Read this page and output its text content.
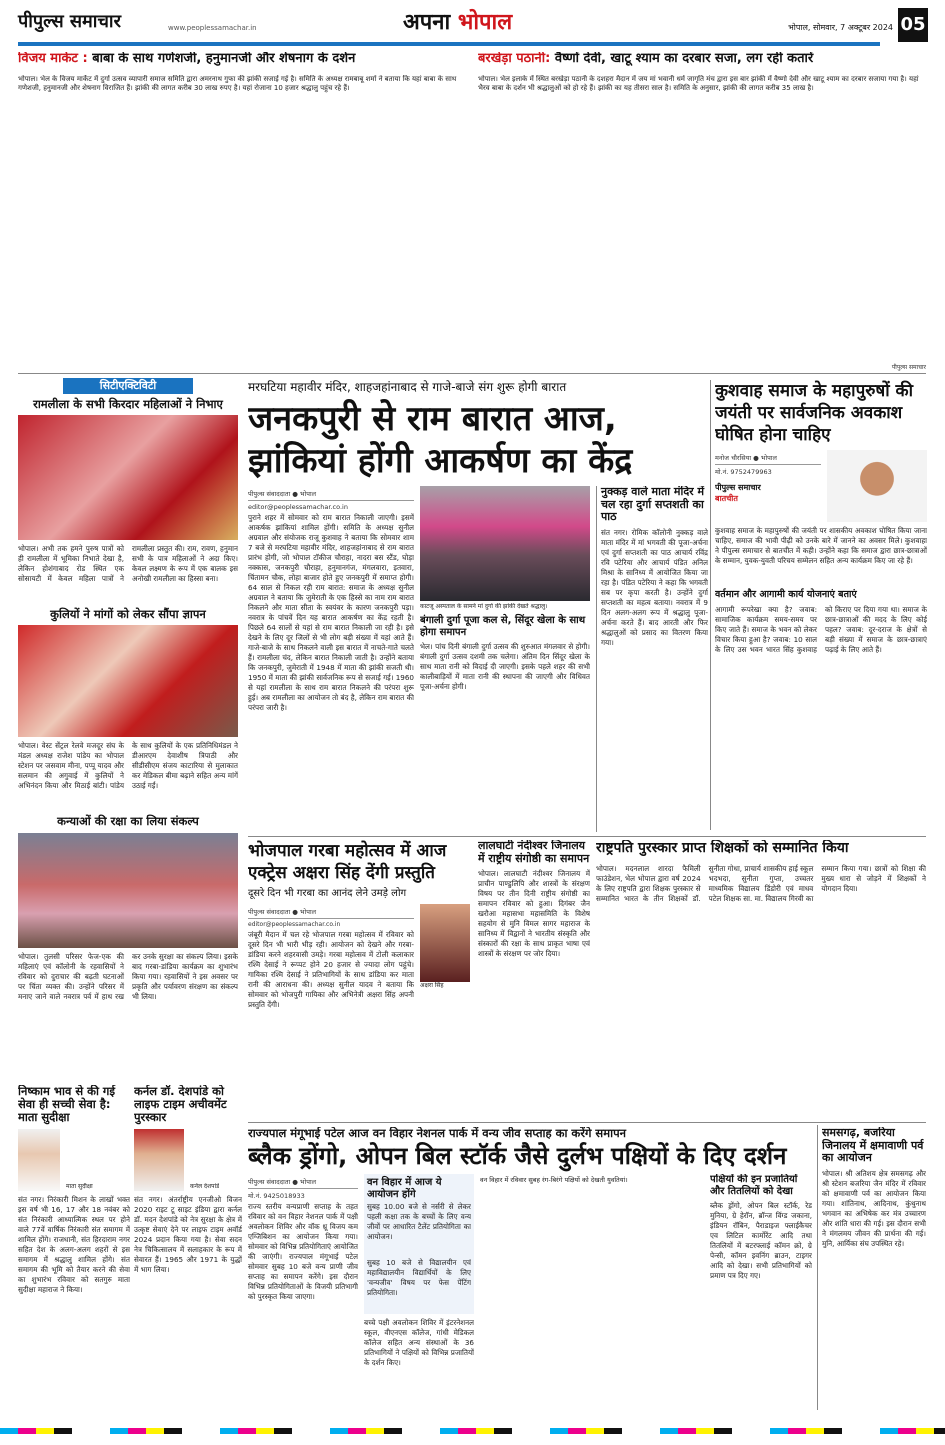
पीपुल्स समाचार	www.peoplessamachar.in	अपना भोपाल	भोपाल, सोमवार, 7 अक्टूबर 2024 05
विजय मार्केट : बाबा के साथ गणेशजी, हनुमानजी और शेषनाग के दर्शन
भोपाल। भेल के विजय मार्केट में दुर्गा उत्सव व्यापारी समाज समिति द्वारा अमरनाथ गुफा की झांकी सजाई गई है। समिति के अध्यक्ष रामबाबू शर्मा ने बताया कि यहां बाबा के साथ गणेशजी, हनुमानजी और शेषनाग विराजित हैं। झांकी की लागत करीब 30 लाख रुपए है। यहां रोजाना 10 हजार श्रद्धालु पहुंच रहे हैं।
बरखेड़ा पठानी: वैष्णों देवी, खाटू श्याम का दरबार सजा, लग रही कतारें
भोपाल। भेल इलाके में स्थित बरखेड़ा पठानी के दशहरा मैदान में जय मां भवानी धर्म जागृति मंच द्वारा इस बार झांकी में वैष्णो देवी और खाटू श्याम का दरबार सजाया गया है। यहां भैरव बाबा के दर्शन भी श्रद्धालुओं को हो रहे हैं। झांकी का यह तीसरा साल है। समिति के अनुसार, झांकी की लागत करीब 35 लाख है।
पीपुल्स समाचार
सिटीएक्टिविटी
रामलीला के सभी किरदार महिलाओं ने निभाए
भोपाल। अभी तक हमने पुरुष पात्रों को ही रामलीला में भूमिका निभाते देखा है, लेकिन होशंगाबाद रोड स्थित एक सोसायटी में केवल महिला पात्रों ने रामलीला प्रस्तुत की। राम, रावण, हनुमान सभी के पात्र महिलाओं ने अदा किए। केवल लक्ष्मण के रूप में एक बालक इस अनोखी रामलीला का हिस्सा बना।
कुलियों ने मांगों को लेकर सौंपा ज्ञापन
भोपाल। वेस्ट सेंट्रल रेलवे मजदूर संघ के मंडल अध्यक्ष राजेश पांडेय का भोपाल स्टेशन पर जसवाम मीना, पप्पू यादव और सलमान की अगुवाई में कुलियों ने अभिनंदन किया और मिठाई बांटी। पांडेय के साथ कुलियों के एक प्रतिनिधिमंडल ने डीआरएम देवाशीष त्रिपाठी और सीडीसीएम संजय काटारिया से मुलाकात कर मेडिकल बीमा बढ़ाने सहित अन्य मांगें उठाई गईं।
कन्याओं की रक्षा का लिया संकल्प
भोपाल। तुलसी परिसर फेज-एक की महिलाएं एवं कॉलोनी के रहवासियों ने रविवार को दुराचार की बढ़ती घटनाओं पर चिंता व्यक्त की। उन्होंने परिसर में मनाए जाने वाले नवरात्र पर्व में हाथ रख कर उनके सुरक्षा का संकल्प लिया। इसके बाद गरबा-डांडिया कार्यक्रम का शुभारंभ किया गया। रहवासियों ने इस अवसर पर प्रकृति और पर्यावरण संरक्षण का संकल्प भी लिया।
मरघटिया महावीर मंदिर, शाहजहांनाबाद से गाजे-बाजे संग शुरू होगी बारात
जनकपुरी से राम बारात आज, झांकियां होंगी आकर्षण का केंद्र
पीपुल्स संवाददाता ● भोपाल
editor@peoplessamachar.co.in
पुराने शहर में सोमवार को राम बारात निकाली जाएगी। इसमें आकर्षक झांकियां शामिल होंगी। समिति के अध्यक्ष सुनील अग्रवाल और संयोजक राजू कुशवाह ने बताया कि सोमवार शाम 7 बजे से मरघटिया महावीर मंदिर, शाहजहांनाबाद से राम बारात प्रारंभ होगी, जो भोपाल टॉकीज चौराहा, नादरा बस स्टैंड, घोड़ा नक्कास, जनकपुरी चौराहा, हनुमानगंज, मंगलवारा, इतवारा, चिंतामन चौक, लोहा बाजार होते हुए जनकपुरी में समाप्त होगी। 64 साल से निकल रही राम बारात: समाज के अध्यक्ष सुनील अग्रवाल ने बताया कि जुमेराती के एक हिस्से का नाम राम बारात निकलने और माता सीता के स्वयंवर के कारण जनकपुरी पड़ा। नवरात्र के पांचवें दिन यह बारात आकर्षण का केंद्र रहती है। पिछले 64 सालों से यहां से राम बारात निकाली जा रही है। इसे देखने के लिए दूर जिलों से भी लोग बड़ी संख्या में यहां आते हैं। गाजे-बाजे के साथ निकलने वाली इस बारात में नाचते-गाते चलते हैं। रामलीला चंद, लेकिन बारात निकाली जाती है। उन्होंने बताया कि जनकपुरी, जुमेराती में 1948 में माता की झांकी सजती थी। 1950 में माता की झांकी सार्वजनिक रूप से सजाई गई। 1960 से यहां रामलीला के साथ राम बारात निकलने की परंपरा शुरू हुई। अब रामलीला का आयोजन तो बंद है, लेकिन राम बारात की परंपरा जारी है।
काटजू अस्पताल के सामने मां दुर्गा की झांकी देखते श्रद्धालु।
बंगाली दुर्गा पूजा कल से, सिंदूर खेला के साथ होगा समापन
भेल। पांच दिनी बंगाली दुर्गा उत्सव की शुरुआत मंगलवार से होगी। बंगाली दुर्गा उत्सव दशमी तक चलेगा। अंतिम दिन सिंदूर खेला के साथ माता रानी को विदाई दी जाएगी। इसके पहले शहर की सभी कालीबाड़ियों में माता रानी की स्थापना की जाएगी और विधिवत पूजा-अर्चना होगी।
नुक्कड़ वाले माता मंदिर में चल रहा दुर्गा सप्तशती का पाठ
संत नगर। रोमिक कॉलोनी नुक्कड़ वाले माता मंदिर में मां भगवती की पूजा-अर्चना एवं दुर्गा सप्तशती का पाठ आचार्य रविंद्र रवि पटेरिया और आचार्य पंडित अनिल मिश्रा के सानिध्य में आयोजित किया जा रहा है। पंडित पटेरिया ने कहा कि भगवती सब पर कृपा करती है। उन्होंने दुर्गा सप्तशती का महत्व बताया। नवरात्र में 9 दिन अलग-अलग रूप में श्रद्धालु पूजा-अर्चना करते हैं। बाद आरती और फिर श्रद्धालुओं को प्रसाद का वितरण किया गया।
कुशवाह समाज के महापुरुषों की जयंती पर सार्वजनिक अवकाश घोषित होना चाहिए
मनोज चौरसिया ● भोपाल
मो.नं. 9752479963
पीपुल्स समाचार
बातचीत
कुशवाह समाज के महापुरुषों की जयंती पर शासकीय अवकाश घोषित किया जाना चाहिए, समाज की भावी पीढ़ी को उनके बारे में जानने का अवसर मिले। कुशवाहा ने पीपुल्स समाचार से बातचीत में कही। उन्होंने कहा कि समाज द्वारा छात्र-छात्राओं के सम्मान, युवक-युवती परिचय सम्मेलन सहित अन्य कार्यक्रम किए जा रहे हैं।
वर्तमान और आगामी कार्य योजनाएं बताएं
आगामी रूपरेखा क्या है? जवाब: सामाजिक कार्यक्रम समय-समय पर किए जाते हैं। समाज के भवन को लेकर विचार किया हुआ है? जवाब: 10 साल के लिए उस भवन भारत सिंह कुशवाह को किराए पर दिया गया था। समाज के छात्र-छात्राओं की मदद के लिए कोई पहल? जवाब: दूर-दराज के क्षेत्रों से बड़ी संख्या में समाज के छात्र-छात्राएं पढ़ाई के लिए आते हैं।
भोजपाल गरबा महोत्सव में आज एक्ट्रेस अक्षरा सिंह देंगी प्रस्तुति
दूसरे दिन भी गरबा का आनंद लेने उमड़े लोग
पीपुल्स संवाददाता ● भोपाल
editor@peoplessamachar.co.in
जंबूरी मैदान में चल रहे भोजपाल गरबा महोत्सव में रविवार को दूसरे दिन भी भारी भीड़ रही। आयोजन को देखने और गरबा-डांडिया करने शहरवासी उमड़े। गरबा महोत्सव में टोली कलाकार रश्मि देसाई ने रूप्पट होने 20 हजार से ज्यादा लोग पहुंचे। गायिका रश्मि देसाई ने प्रतिभागियों के साथ डांडिया कर माता रानी की आराधना की। अध्यक्ष सुनील यादव ने बताया कि सोमवार को भोजपुरी गायिका और अभिनेत्री अक्षरा सिंह अपनी प्रस्तुति देंगी।
अक्षरा सिंह
लालघाटी नंदीश्वर जिनालय में राष्ट्रीय संगोष्ठी का समापन
भोपाल। लालघाटी नंदीश्वर जिनालय में प्राचीन पाण्डुलिपि और शास्त्रों के संरक्षण विषय पर तीन दिनी राष्ट्रीय संगोष्ठी का समापन रविवार को हुआ। दिगंबर जैन खरौआ महासभा महासमिति के विशेष सहयोग से मुनि विमल सागर महाराज के सानिध्य में विद्वानों ने भारतीय संस्कृति और संस्कारों की रक्षा के साथ प्राकृत भाषा एवं शास्त्रों के संरक्षण पर जोर दिया।
राष्ट्रपति पुरस्कार प्राप्त शिक्षकों को सम्मानित किया
भोपाल। मदनलाल शारदा फैमिली फाउंडेशन, भेल भोपाल द्वारा वर्ष 2024 के लिए राष्ट्रपति द्वारा शिक्षक पुरस्कार से सम्मानित भारत के तीन शिक्षकों डॉ. सुनीता गोधा, प्राचार्य शासकीय हाई स्कूल भदभदा, सुनीता गुप्ता, उच्चतर माध्यमिक विद्यालय डिंडोरी एवं माधव पटेल शिक्षक सा. मा. विद्यालय गिरवी का सम्मान किया गया। छात्रों को शिक्षा की मुख्य धारा से जोड़ने में शिक्षकों ने योगदान दिया।
निष्काम भाव से की गई सेवा ही सच्ची सेवा है: माता सुदीक्षा
माता सुदीक्षा
संत नगर। निरंकारी मिशन के लाखों भक्त इस वर्ष भी 16, 17 और 18 नवंबर को संत निरंकारी आध्यात्मिक स्थल पर होने वाले 77वें वार्षिक निरंकारी संत समागम में शामिल होंगे। राजधानी, संत हिरदाराम नगर सहित देश के अलग-अलग शहरों से इस समागम में श्रद्धालु शामिल होंगे। संत समागम की भूमि को तैयार करने की सेवा का शुभारंभ रविवार को सतगुरु माता सुदीक्षा महाराज ने किया।
कर्नल डॉ. देशपांडे को लाइफ टाइम अचीवमेंट पुरस्कार
कर्नल देशपांडे
संत नगर। अंतर्राष्ट्रीय एनजीओ विजन 2020 राइट टू साइट इंडिया द्वारा कर्नल डॉ. मदन देशपांडे को नेत्र सुरक्षा के क्षेत्र में उत्कृष्ट सेवाएं देने पर लाइफ टाइम अवॉर्ड 2024 प्रदान किया गया है। सेवा सदन नेत्र चिकित्सालय में सलाहकार के रूप में सेवारत हैं। 1965 और 1971 के युद्धों में भाग लिया।
राज्यपाल मंगूभाई पटेल आज वन विहार नेशनल पार्क में वन्य जीव सप्ताह का करेंगे समापन
ब्लैक ड्रोंगो, ओपन बिल स्टॉर्क जैसे दुर्लभ पक्षियों के दिए दर्शन
पीपुल्स संवाददाता ● भोपाल
मो.नं. 9425018933
राज्य स्तरीय वन्यप्राणी सप्ताह के तहत रविवार को वन विहार नेशनल पार्क में पक्षी अवलोकन शिविर और वॉक थ्रू विजय कम एग्जिबिशन का आयोजन किया गया। सोमवार को विभिन्न प्रतियोगिताएं आयोजित की जाएंगी। राज्यपाल मंगूभाई पटेल सोमवार सुबह 10 बजे वन्य प्राणी जीव सप्ताह का समापन करेंगे। इस दौरान विभिन्न प्रतियोगिताओं के विजयी प्रतिभागी को पुरस्कृत किया जाएगा।
वन विहार में आज ये आयोजन होंगे
सुबह 10.00 बजे से नर्सरी से लेकर पहली कक्षा तक के बच्चों के लिए वन्य जीवों पर आधारित टैलेंट प्रतियोगिता का आयोजन।
सुबह 10 बजे से विद्यालयीन एवं महाविद्यालयीन विद्यार्थियों के लिए 'वन्यजीव' विषय पर फेस पेंटिंग प्रतियोगिता।
बच्चे पक्षी अवलोकन शिविर में इंटरनेशनल स्कूल, वीएनएस कॉलेज, गांधी मेडिकल कॉलेज सहित अन्य संस्थाओं के 36 प्रतिभागियों ने पक्षियों को विभिन्न प्रजातियों के दर्शन किए।
वन विहार में रविवार सुबह रंग-बिरंगे पक्षियों को देखती युवतियां।	पक्षियों की इन प्रजातियों और तितलियों को देखा
ब्लैक ड्रोंगो, ओपन बिल स्टॉर्क, रेड मुनिया, ग्रे हेरॉन, ब्रॉन्ज विंग्ड जकाना, इंडियन रॉबिन, पैराडाइज फ्लाईकैचर एव लिटिल कार्मोरेंट आदि तथा तितलियों में बटरफ्लाई कॉमन क्रो, ग्रे पेन्सी, कॉमन इवनिंग ब्राउन, टाइगर आदि को देखा। सभी प्रतिभागियों को प्रमाण पत्र दिए गए।
समसगढ़, बजरिया जिनालय में क्षमावाणी पर्व का आयोजन
भोपाल। श्री अतिशय क्षेत्र समसगढ़ और श्री स्टेशन बजरिया जैन मंदिर में रविवार को क्षमावाणी पर्व का आयोजन किया गया। शांतिनाथ, आदिनाथ, कुंथुनाथ भगवान का अभिषेक कर मंत्र उच्चारण और शांति धारा की गई। इस दौरान सभी ने मंगलमय जीवन की प्रार्थना की गई। मुनि, आर्यिका संघ उपस्थित रहे।
